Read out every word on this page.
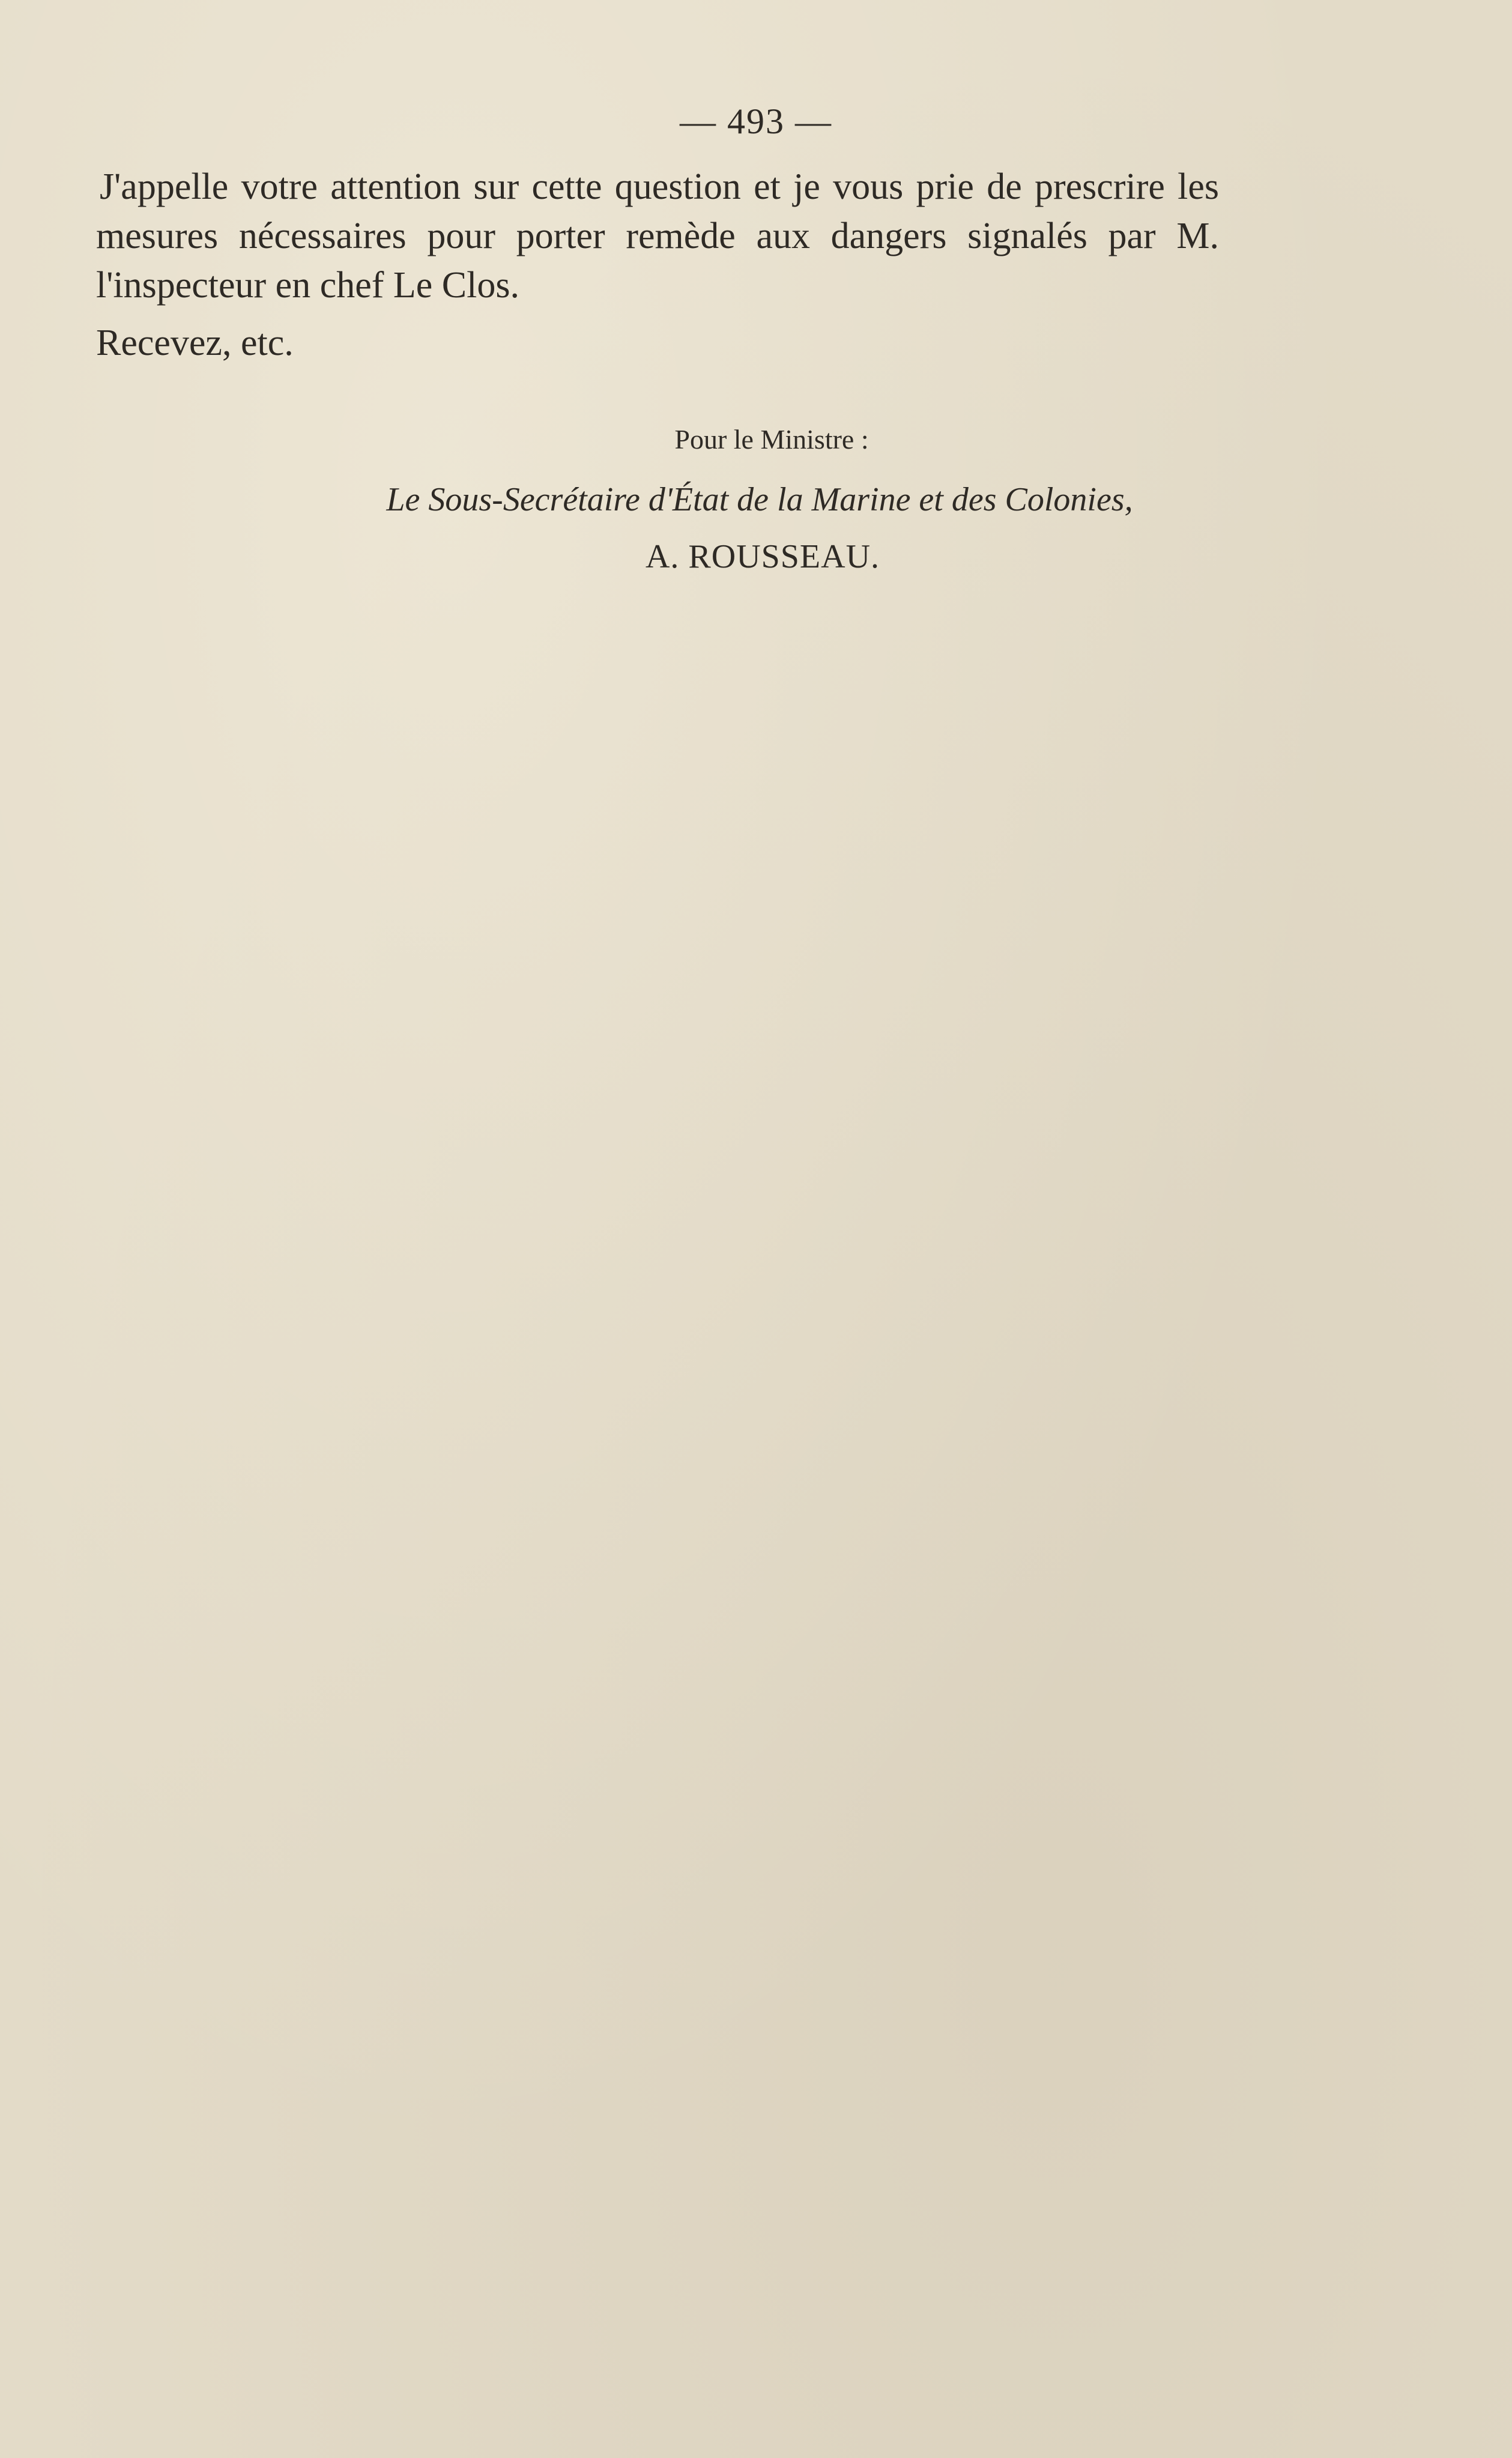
— 493 —

J'appelle votre attention sur cette question et je vous prie de prescrire les mesures nécessaires pour porter remède aux dangers signalés par M. l'inspecteur en chef Le Clos.

Recevez, etc.

Pour le Ministre :
Le Sous-Secrétaire d'État de la Marine et des Colonies,
A. ROUSSEAU.
